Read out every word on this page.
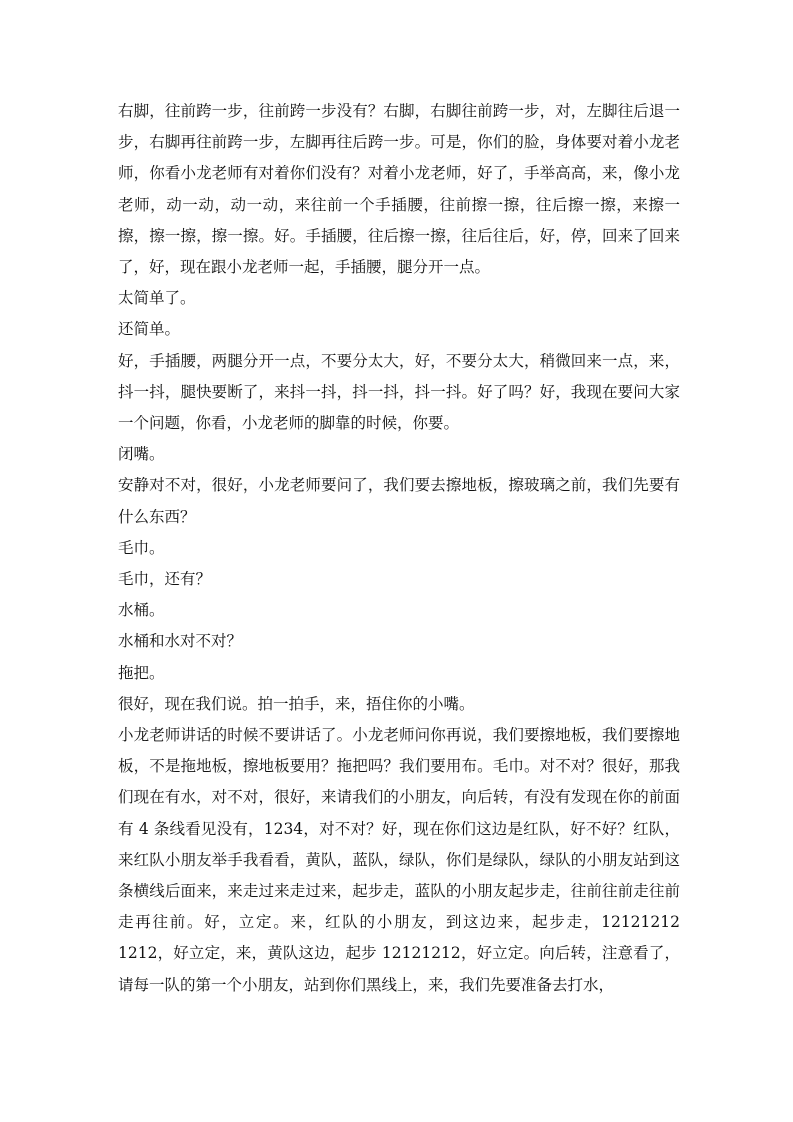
右脚，往前跨一步，往前跨一步没有？右脚，右脚往前跨一步，对，左脚往后退一步，右脚再往前跨一步，左脚再往后跨一步。可是，你们的脸，身体要对着小龙老师，你看小龙老师有对着你们没有？对着小龙老师，好了，手举高高，来，像小龙老师，动一动，动一动，来往前一个手插腰，往前擦一擦，往后擦一擦，来擦一擦，擦一擦，擦一擦。好。手插腰，往后擦一擦，往后往后，好，停，回来了回来了，好，现在跟小龙老师一起，手插腰，腿分开一点。

太简单了。

还简单。

好，手插腰，两腿分开一点，不要分太大，好，不要分太大，稍微回来一点，来，抖一抖，腿快要断了，来抖一抖，抖一抖，抖一抖。好了吗？好，我现在要问大家一个问题，你看，小龙老师的脚靠的时候，你要。

闭嘴。

安静对不对，很好，小龙老师要问了，我们要去擦地板，擦玻璃之前，我们先要有什么东西？

毛巾。

毛巾，还有？

水桶。

水桶和水对不对？

拖把。

很好，现在我们说。拍一拍手，来，捂住你的小嘴。

小龙老师讲话的时候不要讲话了。小龙老师问你再说，我们要擦地板，我们要擦地板，不是拖地板，擦地板要用？拖把吗？我们要用布。毛巾。对不对？很好，那我们现在有水，对不对，很好，来请我们的小朋友，向后转，有没有发现在你的前面有 4 条线看见没有，1234，对不对？好，现在你们这边是红队，好不好？红队，来红队小朋友举手我看看，黄队，蓝队，绿队，你们是绿队，绿队的小朋友站到这条横线后面来，来走过来走过来，起步走，蓝队的小朋友起步走，往前往前走往前走再往前。好，立定。来，红队的小朋友，到这边来，起步走，12121212 1212，好立定，来，黄队这边，起步 12121212，好立定。向后转，注意看了，请每一队的第一个小朋友，站到你们黑线上，来，我们先要准备去打水，
